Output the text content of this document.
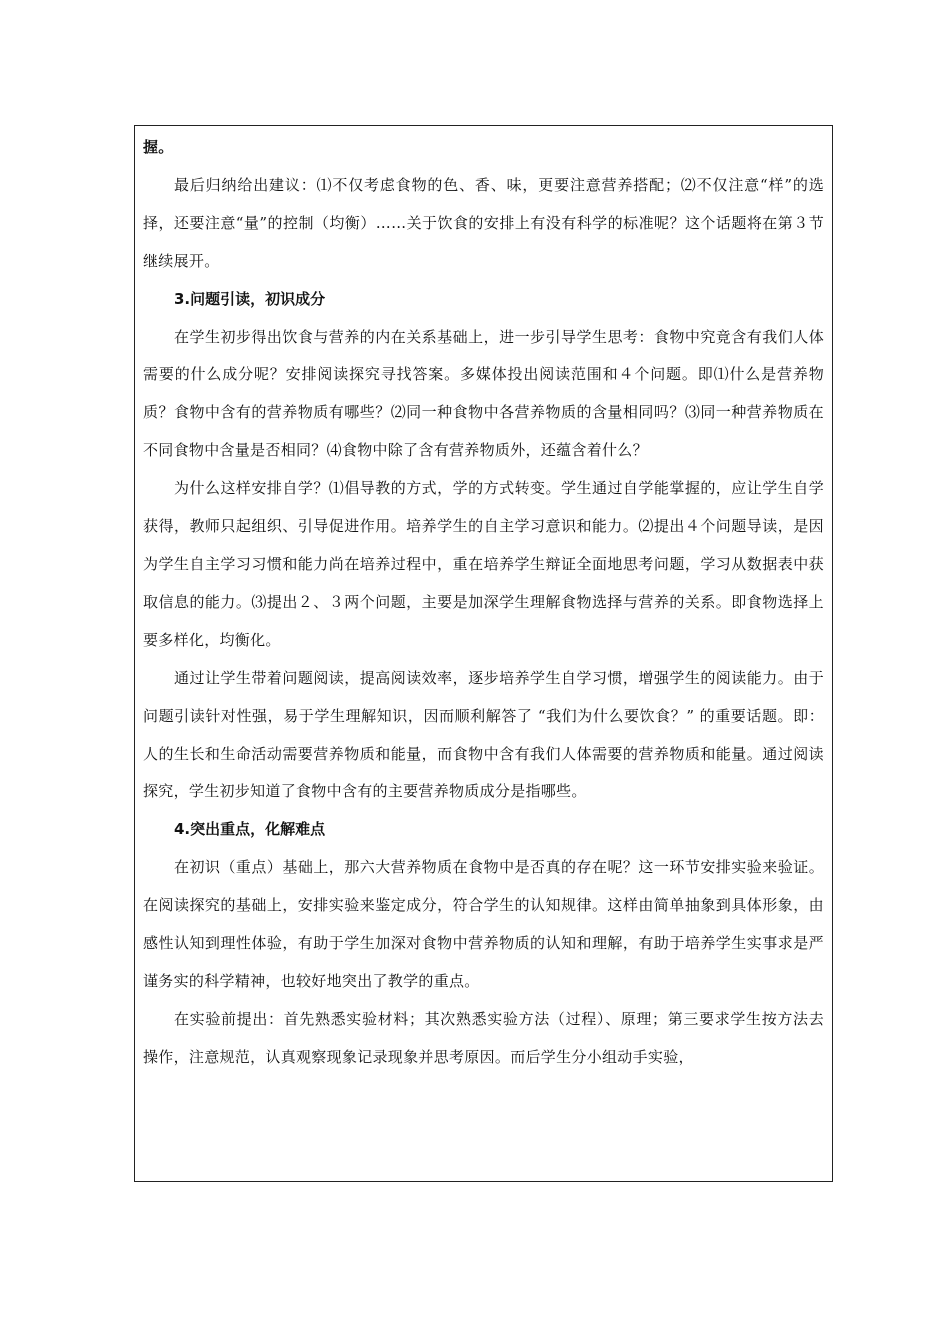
握。

最后归纳给出建议：⑴不仅考虑食物的色、香、味，更要注意营养搭配；⑵不仅注意“样”的选择，还要注意“量”的控制（均衡）……关于饮食的安排上有没有科学的标准呢？这个话题将在第３节继续展开。

3.问题引读，初识成分

在学生初步得出饮食与营养的内在关系基础上，进一步引导学生思考：食物中究竟含有我们人体需要的什么成分呢？安排阅读探究寻找答案。多媒体投出阅读范围和４个问题。即⑴什么是营养物质？食物中含有的营养物质有哪些？⑵同一种食物中各营养物质的含量相同吗？⑶同一种营养物质在不同食物中含量是否相同？⑷食物中除了含有营养物质外，还蕴含着什么？

为什么这样安排自学？⑴倡导教的方式，学的方式转变。学生通过自学能掌握的，应让学生自学获得，教师只起组织、引导促进作用。培养学生的自主学习意识和能力。⑵提出４个问题导读，是因为学生自主学习习惯和能力尚在培养过程中，重在培养学生辩证全面地思考问题，学习从数据表中获取信息的能力。⑶提出２、３两个问题，主要是加深学生理解食物选择与营养的关系。即食物选择上要多样化，均衡化。

通过让学生带着问题阅读，提高阅读效率，逐步培养学生自学习惯，增强学生的阅读能力。由于问题引读针对性强，易于学生理解知识，因而顺利解答了 “我们为什么要饮食？” 的重要话题。即：人的生长和生命活动需要营养物质和能量，而食物中含有我们人体需要的营养物质和能量。通过阅读探究，学生初步知道了食物中含有的主要营养物质成分是指哪些。

4.突出重点，化解难点

在初识（重点）基础上，那六大营养物质在食物中是否真的存在呢？这一环节安排实验来验证。在阅读探究的基础上，安排实验来鉴定成分，符合学生的认知规律。这样由简单抽象到具体形象，由感性认知到理性体验，有助于学生加深对食物中营养物质的认知和理解，有助于培养学生实事求是严谨务实的科学精神，也较好地突出了教学的重点。

在实验前提出：首先熟悉实验材料；其次熟悉实验方法（过程）、原理；第三要求学生按方法去操作，注意规范，认真观察现象记录现象并思考原因。而后学生分小组动手实验，
